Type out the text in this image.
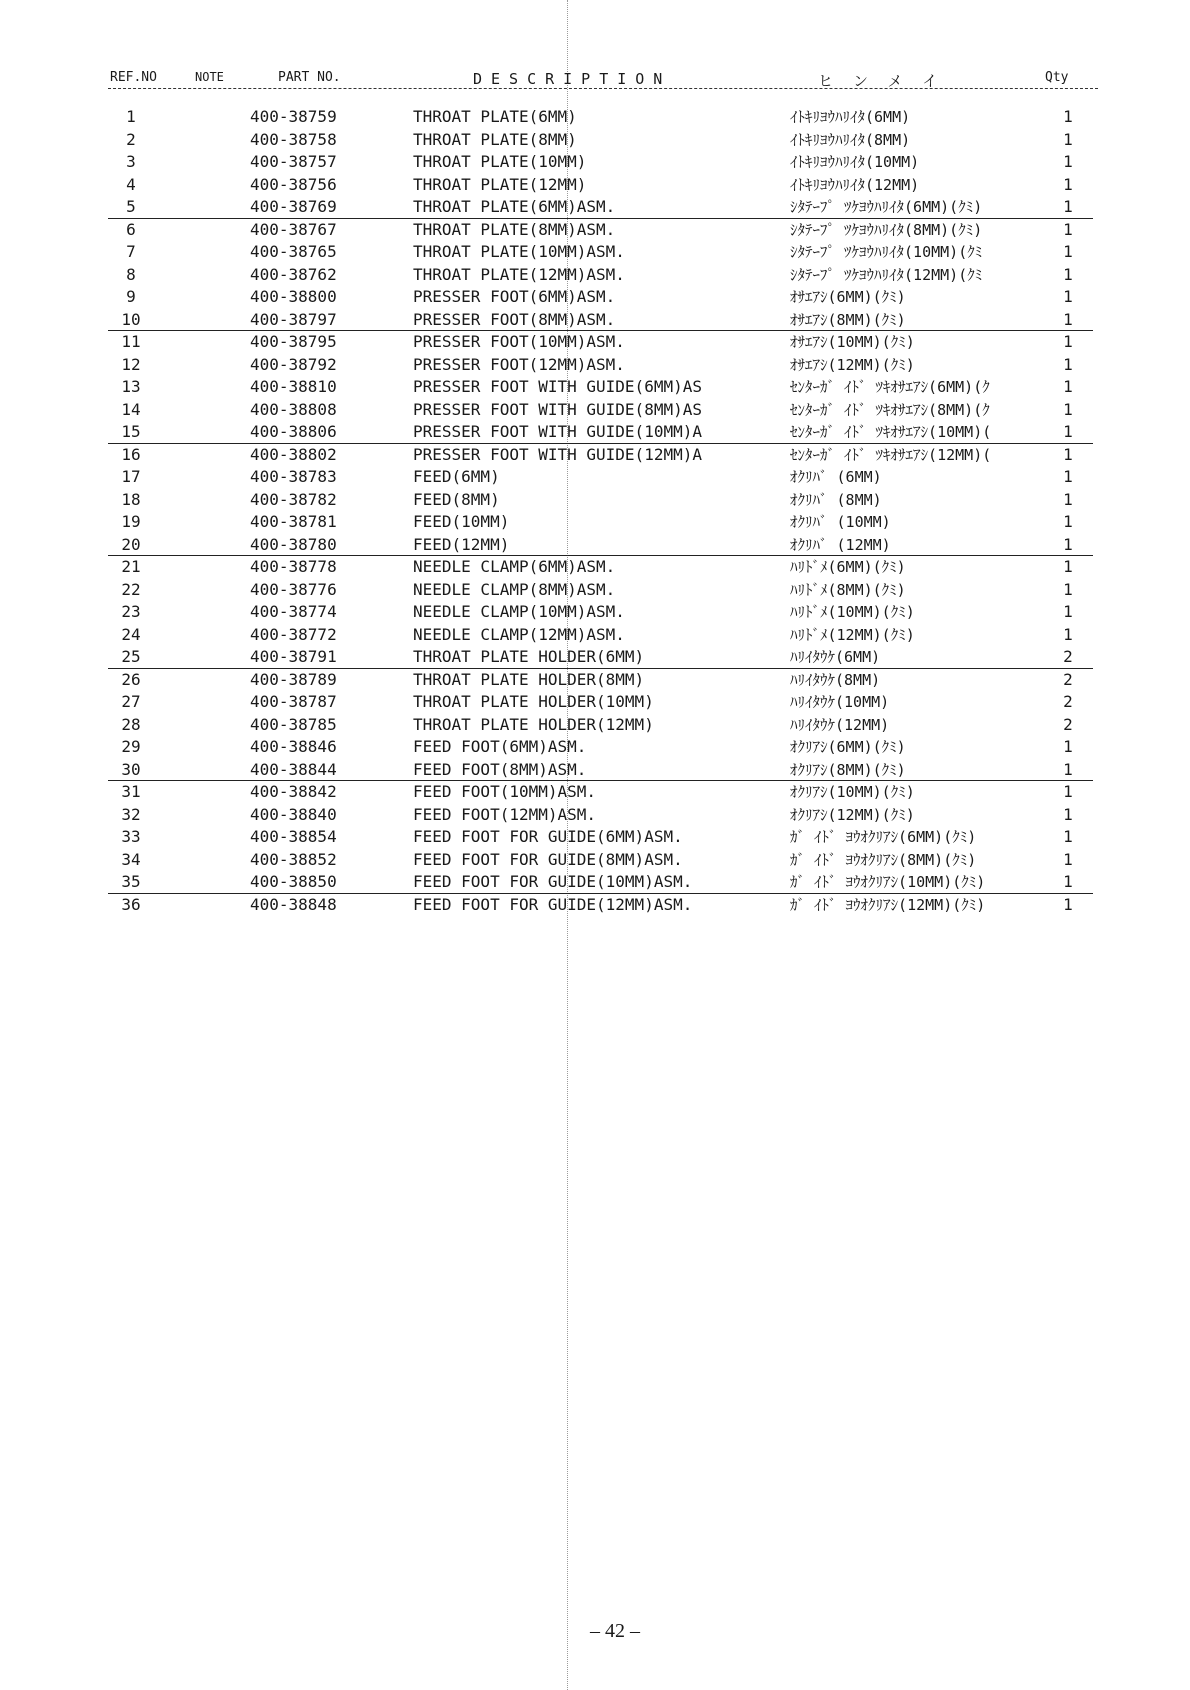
REF.NO	NOTE	PART NO.	DESCRIPTION	ヒンメイ	Qty
1	400-38759	THROAT PLATE(6MM)	ｲﾄｷﾘﾖｳﾊﾘｲﾀ(6MM)	1
2	400-38758	THROAT PLATE(8MM)	ｲﾄｷﾘﾖｳﾊﾘｲﾀ(8MM)	1
3	400-38757	THROAT PLATE(10MM)	ｲﾄｷﾘﾖｳﾊﾘｲﾀ(10MM)	1
4	400-38756	THROAT PLATE(12MM)	ｲﾄｷﾘﾖｳﾊﾘｲﾀ(12MM)	1
5	400-38769	THROAT PLATE(6MM)ASM.	ｼﾀﾃｰﾌﾟ ﾂｹﾖｳﾊﾘｲﾀ(6MM)(ｸﾐ)	1
6	400-38767	THROAT PLATE(8MM)ASM.	ｼﾀﾃｰﾌﾟ ﾂｹﾖｳﾊﾘｲﾀ(8MM)(ｸﾐ)	1
7	400-38765	THROAT PLATE(10MM)ASM.	ｼﾀﾃｰﾌﾟ ﾂｹﾖｳﾊﾘｲﾀ(10MM)(ｸﾐ	1
8	400-38762	THROAT PLATE(12MM)ASM.	ｼﾀﾃｰﾌﾟ ﾂｹﾖｳﾊﾘｲﾀ(12MM)(ｸﾐ	1
9	400-38800	PRESSER FOOT(6MM)ASM.	ｵｻｴｱｼ(6MM)(ｸﾐ)	1
10	400-38797	PRESSER FOOT(8MM)ASM.	ｵｻｴｱｼ(8MM)(ｸﾐ)	1
11	400-38795	PRESSER FOOT(10MM)ASM.	ｵｻｴｱｼ(10MM)(ｸﾐ)	1
12	400-38792	PRESSER FOOT(12MM)ASM.	ｵｻｴｱｼ(12MM)(ｸﾐ)	1
13	400-38810	PRESSER FOOT WITH GUIDE(6MM)AS	ｾﾝﾀｰｶﾞ ｲﾄﾞ ﾂｷｵｻｴｱｼ(6MM)(ｸ	1
14	400-38808	PRESSER FOOT WITH GUIDE(8MM)AS	ｾﾝﾀｰｶﾞ ｲﾄﾞ ﾂｷｵｻｴｱｼ(8MM)(ｸ	1
15	400-38806	PRESSER FOOT WITH GUIDE(10MM)A	ｾﾝﾀｰｶﾞ ｲﾄﾞ ﾂｷｵｻｴｱｼ(10MM)(	1
16	400-38802	PRESSER FOOT WITH GUIDE(12MM)A	ｾﾝﾀｰｶﾞ ｲﾄﾞ ﾂｷｵｻｴｱｼ(12MM)(	1
17	400-38783	FEED(6MM)	ｵｸﾘﾊﾞ (6MM)	1
18	400-38782	FEED(8MM)	ｵｸﾘﾊﾞ (8MM)	1
19	400-38781	FEED(10MM)	ｵｸﾘﾊﾞ (10MM)	1
20	400-38780	FEED(12MM)	ｵｸﾘﾊﾞ (12MM)	1
21	400-38778	NEEDLE CLAMP(6MM)ASM.	ﾊﾘﾄﾞﾒ(6MM)(ｸﾐ)	1
22	400-38776	NEEDLE CLAMP(8MM)ASM.	ﾊﾘﾄﾞﾒ(8MM)(ｸﾐ)	1
23	400-38774	NEEDLE CLAMP(10MM)ASM.	ﾊﾘﾄﾞﾒ(10MM)(ｸﾐ)	1
24	400-38772	NEEDLE CLAMP(12MM)ASM.	ﾊﾘﾄﾞﾒ(12MM)(ｸﾐ)	1
25	400-38791	THROAT PLATE HOLDER(6MM)	ﾊﾘｲﾀｳｹ(6MM)	2
26	400-38789	THROAT PLATE HOLDER(8MM)	ﾊﾘｲﾀｳｹ(8MM)	2
27	400-38787	THROAT PLATE HOLDER(10MM)	ﾊﾘｲﾀｳｹ(10MM)	2
28	400-38785	THROAT PLATE HOLDER(12MM)	ﾊﾘｲﾀｳｹ(12MM)	2
29	400-38846	FEED FOOT(6MM)ASM.	ｵｸﾘｱｼ(6MM)(ｸﾐ)	1
30	400-38844	FEED FOOT(8MM)ASM.	ｵｸﾘｱｼ(8MM)(ｸﾐ)	1
31	400-38842	FEED FOOT(10MM)ASM.	ｵｸﾘｱｼ(10MM)(ｸﾐ)	1
32	400-38840	FEED FOOT(12MM)ASM.	ｵｸﾘｱｼ(12MM)(ｸﾐ)	1
33	400-38854	FEED FOOT FOR GUIDE(6MM)ASM.	ｶﾞ ｲﾄﾞ ﾖｳｵｸﾘｱｼ(6MM)(ｸﾐ)	1
34	400-38852	FEED FOOT FOR GUIDE(8MM)ASM.	ｶﾞ ｲﾄﾞ ﾖｳｵｸﾘｱｼ(8MM)(ｸﾐ)	1
35	400-38850	FEED FOOT FOR GUIDE(10MM)ASM.	ｶﾞ ｲﾄﾞ ﾖｳｵｸﾘｱｼ(10MM)(ｸﾐ)	1
36	400-38848	FEED FOOT FOR GUIDE(12MM)ASM.	ｶﾞ ｲﾄﾞ ﾖｳｵｸﾘｱｼ(12MM)(ｸﾐ)	1
– 42 –
